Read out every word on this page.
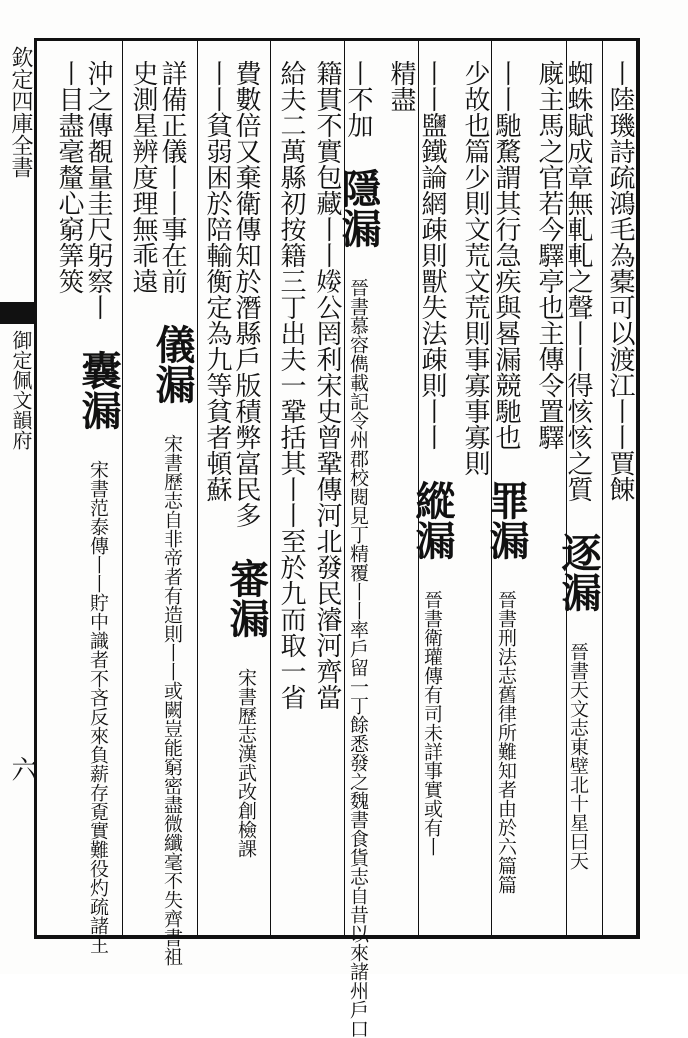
欽定四庫全書
御定佩文韻府
六
丨陸璣詩疏鴻毛為橐可以渡江丨丨賈餗
蜘蛛賦成章無軋軋之聲丨丨得㤥㤥之質 逐漏 晉書天文志東壁北十星曰天
廐主馬之官若今驛亭也主傳令置驛
丨丨馳騖謂其行急疾與晷漏競馳也 罪漏 晉書刑法志舊律所難知者由於六篇篇
少故也篇少則文荒文荒則事寡事寡則
丨丨鹽鐵論網疎則獸失法疎則丨丨 縱漏 晉書衛瓘傳有司未詳事實或有丨
精盡
丨不加 隱漏 晉書慕容儁載記令州郡校閱見丁精覆丨丨率戶留一丁餘悉發之魏書食貨志自昔以來諸州戶口
籍貫不實包藏丨丨𡟒公罔利宋史曾鞏傳河北發民濬河齊當
給夫二萬縣初按籍三丁出夫一鞏括其丨丨至於九而取一省
費數倍又棄衛傳知於潛縣戶版積弊富民多 審漏 宋書歷志漢武改創檢課
丨丨貧弱困於陪輸衡定為九等貧者頓蘇
詳備正儀丨丨事在前 儀漏 宋書歷志自非帝者有造則丨丨或闕豈能窮密盡微纖毫不失齊書祖
史測星辨度理無乖遠
沖之傳覩量圭尺躬察丨 囊漏 宋書范泰傳丨丨貯中識者不吝反來負薪存覔實難役灼疏諸王
丨目盡毫釐心窮筭筴
